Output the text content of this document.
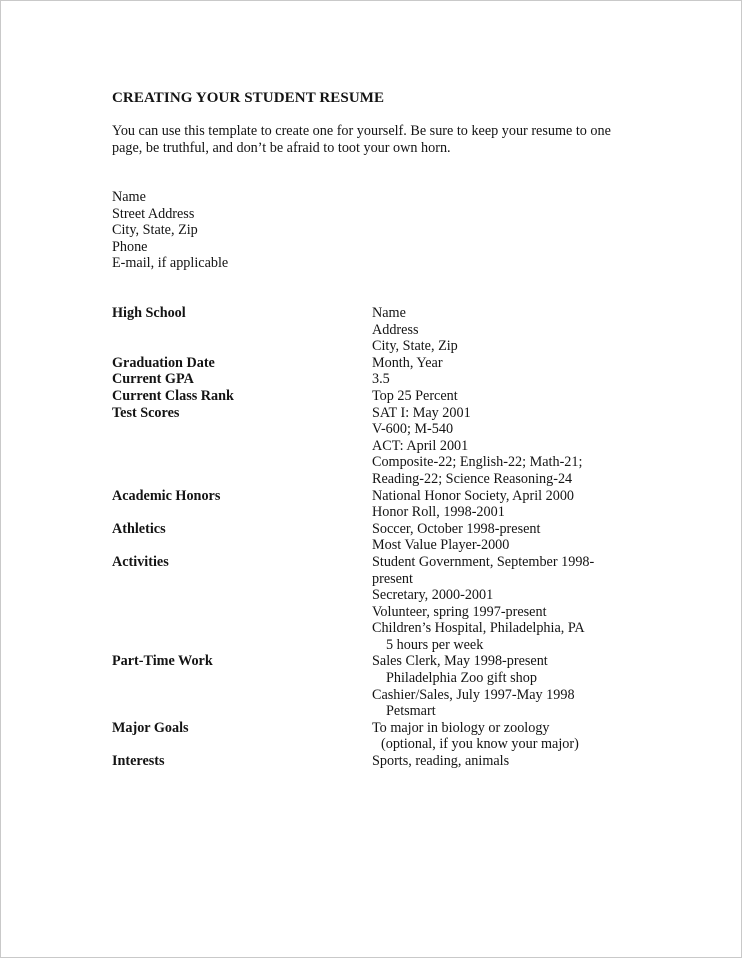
CREATING YOUR STUDENT RESUME
You can use this template to create one for yourself. Be sure to keep your resume to one
page, be truthful, and don’t be afraid to toot your own horn.
Name
Street Address
City, State, Zip
Phone
E-mail, if applicable
High School	Name
Address
City, State, Zip
Graduation Date	Month, Year
Current GPA	3.5
Current Class Rank	Top 25 Percent
Test Scores	SAT I: May 2001
V-600; M-540
ACT: April 2001
Composite-22; English-22; Math-21;
Reading-22; Science Reasoning-24
Academic Honors	National Honor Society, April 2000
Honor Roll, 1998-2001
Athletics	Soccer, October 1998-present
Most Value Player-2000
Activities	Student Government, September 1998-
present
Secretary, 2000-2001
Volunteer, spring 1997-present
Children’s Hospital, Philadelphia, PA
5 hours per week
Part-Time Work	Sales Clerk, May 1998-present
Philadelphia Zoo gift shop
Cashier/Sales, July 1997-May 1998
Petsmart
Major Goals	To major in biology or zoology
(optional, if you know your major)
Interests	Sports, reading, animals
